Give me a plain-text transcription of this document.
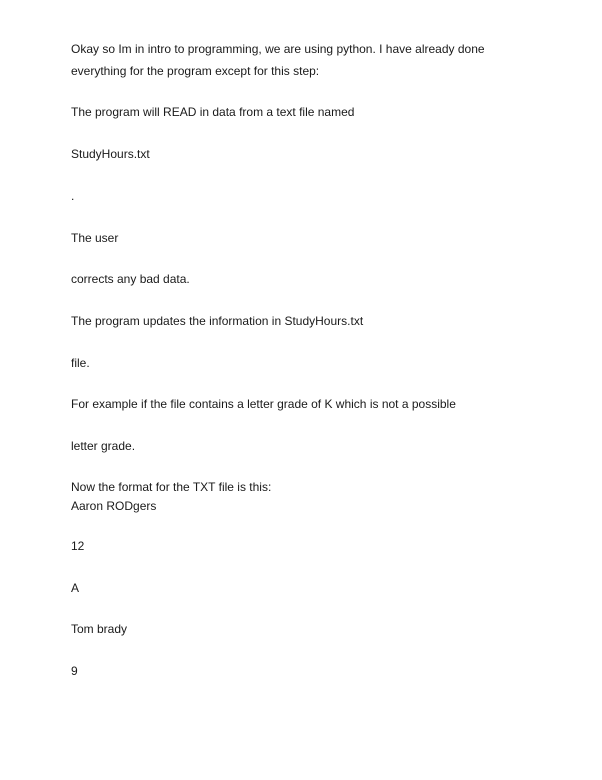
Okay so Im in intro to programming, we are using python. I have already done
everything for the program except for this step:
The program will READ in data from a text file named
StudyHours.txt
.
The user
corrects any bad data.
The program updates the information in StudyHours.txt
file.
For example if the file contains a letter grade of K which is not a possible
letter grade.
Now the format for the TXT file is this:
Aaron RODgers
12
A
Tom brady
9
